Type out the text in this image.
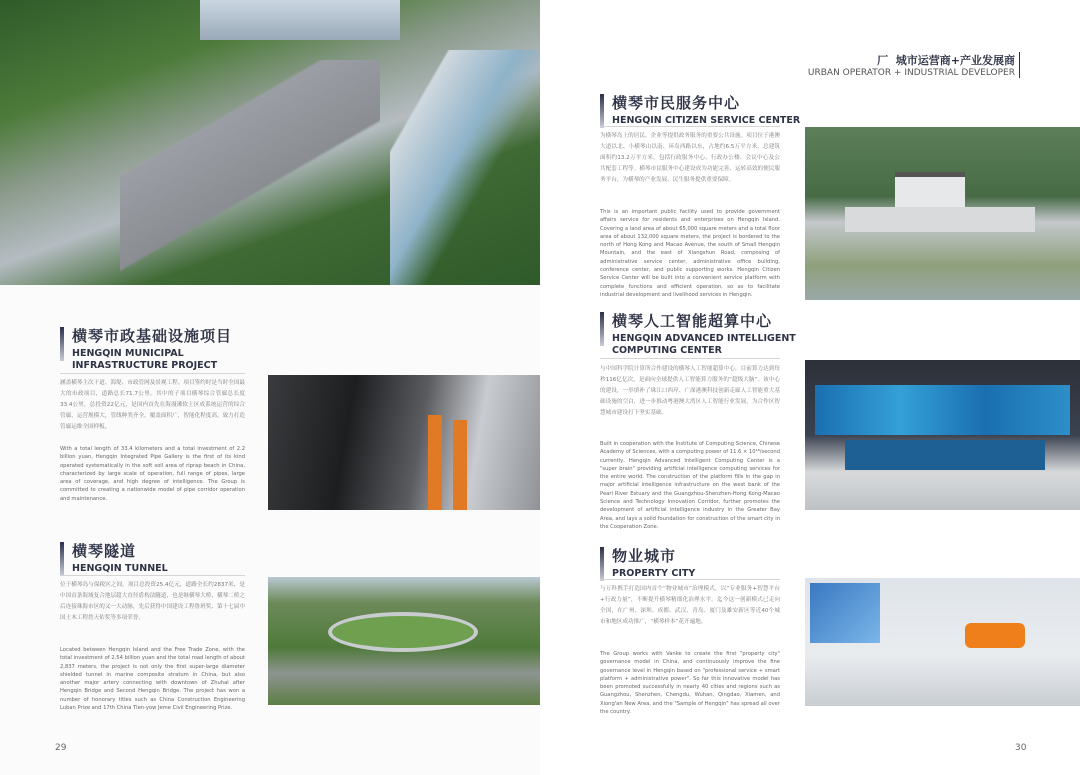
横琴市政基础设施项目
HENGQIN MUNICIPAL
INFRASTRUCTURE PROJECT
涵盖横琴主次干道、海堤、市政管网及景观工程。项目签约时是当时全国最大的市政项目，道路总长71.7公里。其中的子项目横琴综合管廊总长度33.4公里，总投资22亿元，是国内首先在海漫滩软土区成系统运营的综合管廊，运营规模大，管线种类齐全，覆盖面积广，智能化程度高，致力打造管廊运维全国样板。
With a total length of 33.4 kilometers and a total investment of 2.2 billion yuan, Hengqin Integrated Pipe Gallery is the first of its kind operated systematically in the soft soil area of riprap beach in China, characterized by large scale of operation, full range of pipes, large area of coverage, and high degree of intelligence. The Group is committed to creating a nationwide model of pipe corridor operation and maintenance.
横琴隧道
HENGQIN TUNNEL
位于横琴岛与保税区之间，项目总投资25.4亿元，道路全长约2837米，是中国首条海域复合地层超大直径盾构法隧道，也是继横琴大桥、横琴二桥之后连接珠海市区的又一大动脉，先后获得中国建设工程鲁班奖、第十七届中国土木工程詹天佑奖等多项荣誉。
Located between Hengqin Island and the Free Trade Zone, with the total investment of 2.54 billion yuan and the total road length of about 2,837 meters, the project is not only the first super-large diameter shielded tunnel in marine composite stratum in China, but also another major artery connecting with downtown of Zhuhai after Hengqin Bridge and Second Hengqin Bridge. The project has won a number of honorary titles such as China Construction Engineering Luban Prize and 17th China Tien-yow Jeme Civil Engineering Prize.
29
厂  城市运营商+产业发展商
URBAN OPERATOR + INDUSTRIAL DEVELOPER
横琴市民服务中心
HENGQIN CITIZEN SERVICE CENTER
为横琴岛上的居民、企业等提供政务服务的重要公共设施。项目位于港澳大道以北、小横琴山以南、环岛西路以东，占地约6.5万平方米，总建筑面积约13.2万平方米，包括行政服务中心、行政办公楼、会议中心及公共配套工程等。横琴市民服务中心建设成为功能完善、运转高效的便民服务平台，为横琴的产业发展、民生服务提供重要保障。
This is an important public facility used to provide government affairs service for residents and enterprises on Hengqin Island. Covering a land area of about 65,000 square meters and a total floor area of about 132,000 square meters, the project is bordered to the north of Hong Kong and Macao Avenue, the south of Small Hengqin Mountain, and the east of Xiangshun Road, composing of administrative service center, administrative office building, conference center, and public supporting works. Hengqin Citizen Service Center will be built into a convenient service platform with complete functions and efficient operation, so as to facilitate industrial development and livelihood services in Hengqin.
横琴人工智能超算中心
HENGQIN ADVANCED INTELLIGENT
COMPUTING CENTER
与中国科学院计算所合作建设的横琴人工智能超算中心，目前算力达到每秒116亿亿次，是面向全球提供人工智能算力服务的“超级大脑”。该中心的建设，一举填补了珠江口西岸、广深港澳科技创新走廊人工智能重大基础设施的空白，进一步推动粤港澳大湾区人工智能行业发展，为合作区智慧城市建设打下坚实基础。
Built in cooperation with the Institute of Computing Science, Chinese Academy of Sciences, with a computing power of 11.6 × 10¹⁸/second currently, Hengqin Advanced Intelligent Computing Center is a "super brain" providing artificial intelligence computing services for the entire world. The construction of the platform fills in the gap in major artificial intelligence infrastructure on the west bank of the Pearl River Estuary and the Guangzhou-Shenzhen-Hong Kong-Macao Science and Technology Innovation Corridor, further promotes the development of artificial intelligence industry in the Greater Bay Area, and lays a solid foundation for construction of the smart city in the Cooperation Zone.
物业城市
PROPERTY CITY
与万科携手打造国内首个“物业城市”治理模式，以“专业服务+智慧平台+行政力量”，不断提升横琴精细化治理水平。迄今这一创新模式已走向全国，在广州、深圳、成都、武汉、青岛、厦门及雄安新区等近40个城市和地区成功推广，“横琴样本”花开遍地。
The Group works with Vanke to create the first "property city" governance model in China, and continuously improve the fine governance level in Hengqin based on "professional service + smart platform + administrative power". So far this innovative model has been promoted successfully in nearly 40 cities and regions such as Guangzhou, Shenzhen, Chengdu, Wuhan, Qingdao, Xiamen, and Xiong'an New Area, and the "Sample of Hengqin" has spread all over the country.
30
